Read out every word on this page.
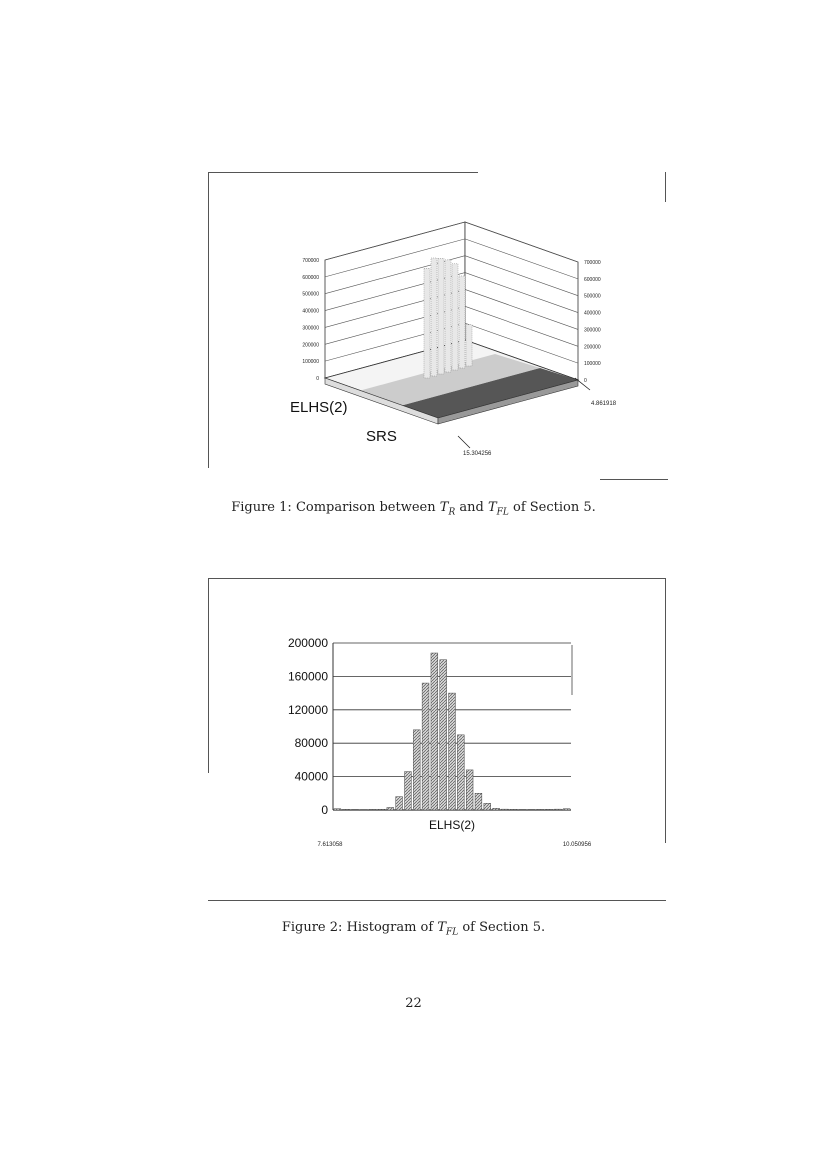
0
100000
200000
300000
400000
500000
600000
700000
0
100000
200000
300000
400000
500000
600000
700000
ELHS(2)
SRS
4.861918
15.304256
Figure 1: Comparison between $T_R$ and $T_{FL}$ of Section 5.
0
40000
80000
120000
160000
200000
ELHS(2)
7.613058	10.050956
Figure 2: Histogram of $T_{FL}$ of Section 5.
22
